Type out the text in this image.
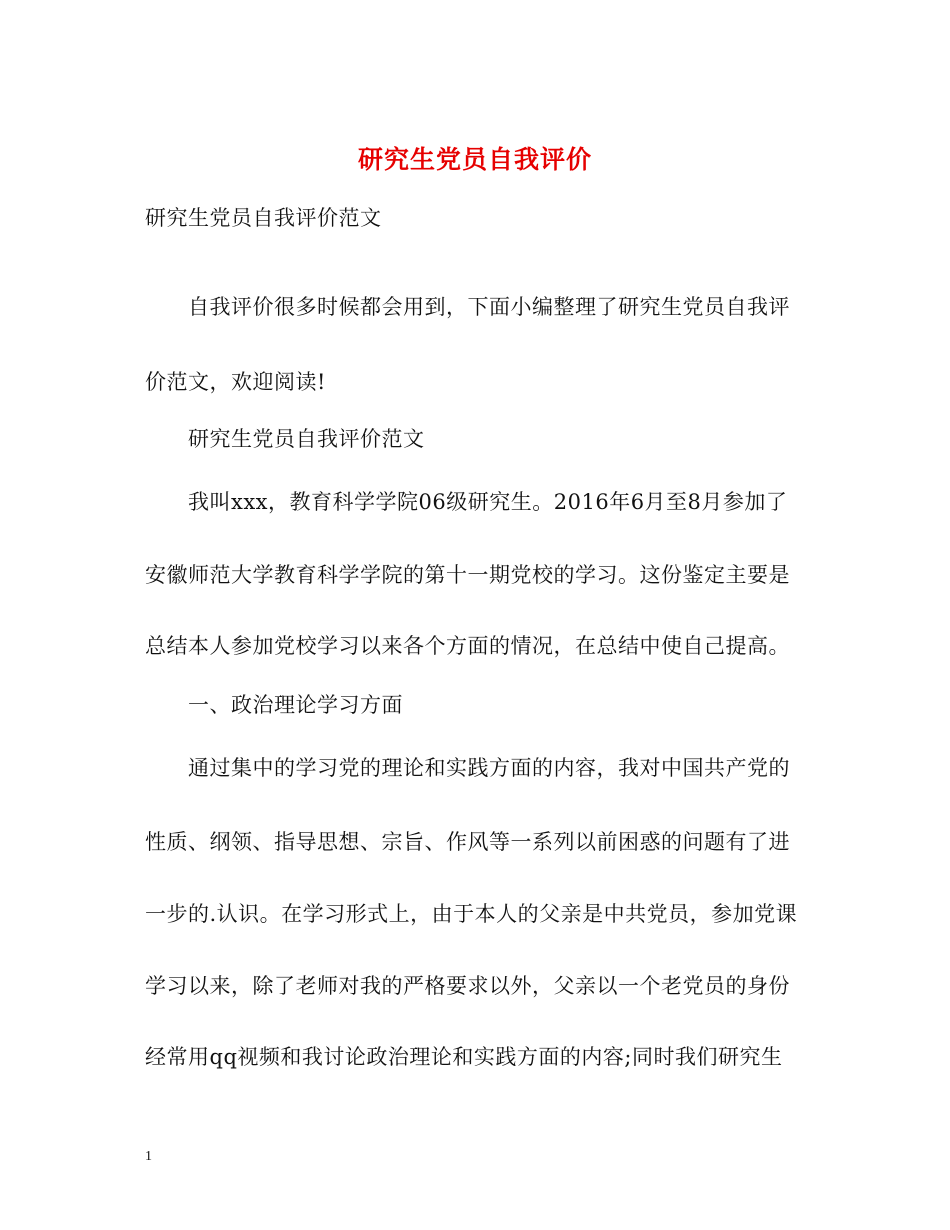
研究生党员自我评价
研究生党员自我评价范文
自我评价很多时候都会用到，下面小编整理了研究生党员自我评
价范文，欢迎阅读!
研究生党员自我评价范文
我叫xxx，教育科学学院06级研究生。2016年6月至8月参加了
安徽师范大学教育科学学院的第十一期党校的学习。这份鉴定主要是
总结本人参加党校学习以来各个方面的情况，在总结中使自己提高。
一、政治理论学习方面
通过集中的学习党的理论和实践方面的内容，我对中国共产党的
性质、纲领、指导思想、宗旨、作风等一系列以前困惑的问题有了进
一步的.认识。在学习形式上，由于本人的父亲是中共党员，参加党课
学习以来，除了老师对我的严格要求以外，父亲以一个老党员的身份
经常用qq视频和我讨论政治理论和实践方面的内容;同时我们研究生
1
